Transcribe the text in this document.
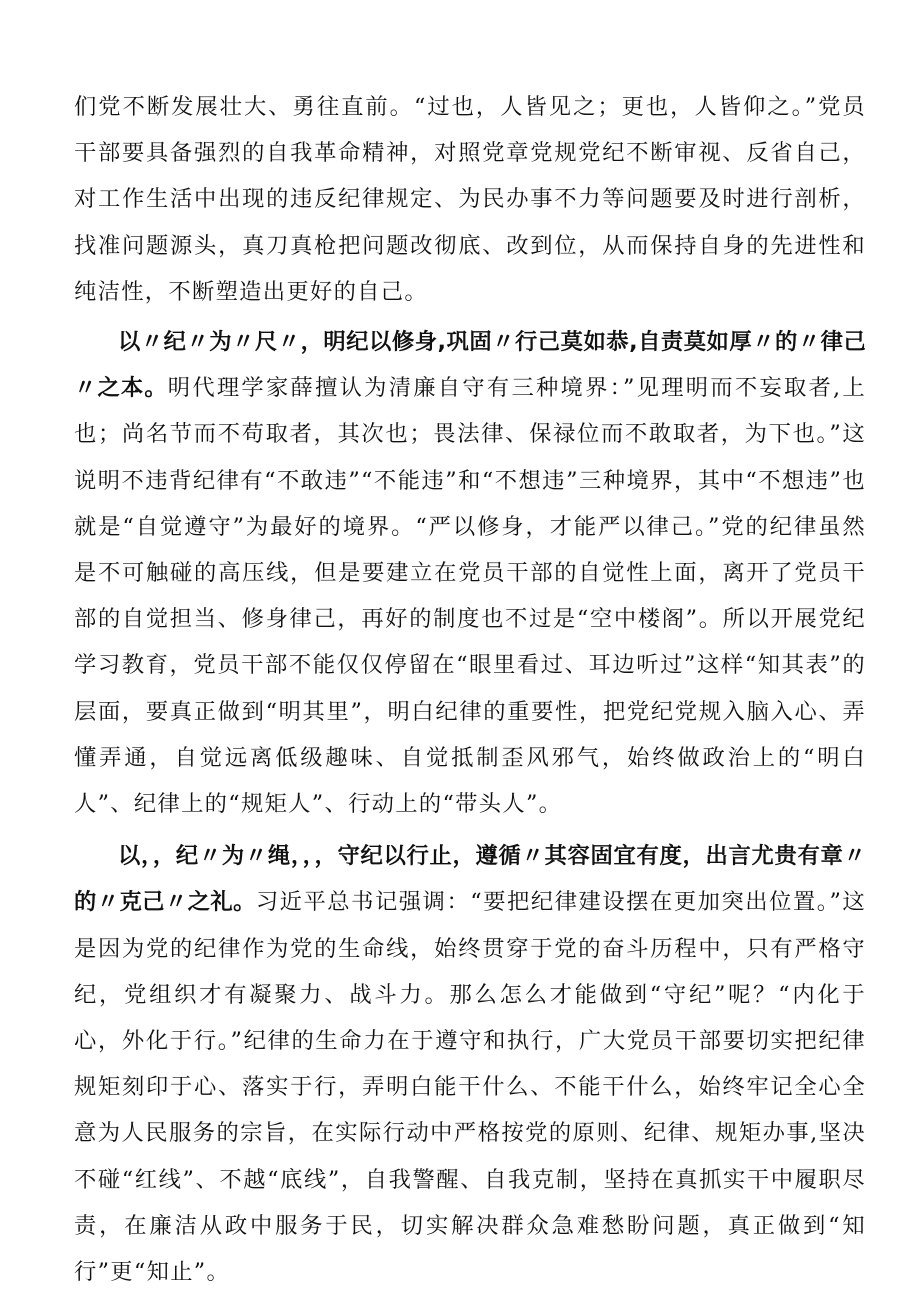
们党不断发展壮大、勇往直前。“过也，人皆见之；更也，人皆仰之。”党员干部要具备强烈的自我革命精神，对照党章党规党纪不断审视、反省自己，对工作生活中出现的违反纪律规定、为民办事不力等问题要及时进行剖析，找准问题源头，真刀真枪把问题改彻底、改到位，从而保持自身的先进性和纯洁性，不断塑造出更好的自己。

以〃纪〃为〃尺〃，明纪以修身,巩固〃行己莫如恭,自责莫如厚〃的〃律己〃之本。明代理学家薛擅认为清廉自守有三种境界：”见理明而不妄取者,上也；尚名节而不苟取者，其次也；畏法律、保禄位而不敢取者，为下也。”这说明不违背纪律有“不敢违”“不能违”和“不想违”三种境界，其中“不想违”也就是“自觉遵守”为最好的境界。“严以修身，才能严以律己。”党的纪律虽然是不可触碰的高压线，但是要建立在党员干部的自觉性上面，离开了党员干部的自觉担当、修身律己，再好的制度也不过是“空中楼阁”。所以开展党纪学习教育，党员干部不能仅仅停留在“眼里看过、耳边听过”这样“知其表”的层面，要真正做到“明其里”，明白纪律的重要性，把党纪党规入脑入心、弄懂弄通，自觉远离低级趣味、自觉抵制歪风邪气，始终做政治上的“明白人”、纪律上的“规矩人”、行动上的“带头人”。

以，，纪〃为〃绳，，，守纪以行止，遵循〃其容固宜有度，出言尤贵有章〃的〃克己〃之礼。习近平总书记强调：“要把纪律建设摆在更加突出位置。”这是因为党的纪律作为党的生命线，始终贯穿于党的奋斗历程中，只有严格守纪，党组织才有凝聚力、战斗力。那么怎么才能做到“守纪”呢？“内化于心，外化于行。”纪律的生命力在于遵守和执行，广大党员干部要切实把纪律规矩刻印于心、落实于行，弄明白能干什么、不能干什么，始终牢记全心全意为人民服务的宗旨，在实际行动中严格按党的原则、纪律、规矩办事,坚决不碰“红线”、不越“底线”，自我警醒、自我克制，坚持在真抓实干中履职尽责，在廉洁从政中服务于民，切实解决群众急难愁盼问题，真正做到“知行”更“知止”。
